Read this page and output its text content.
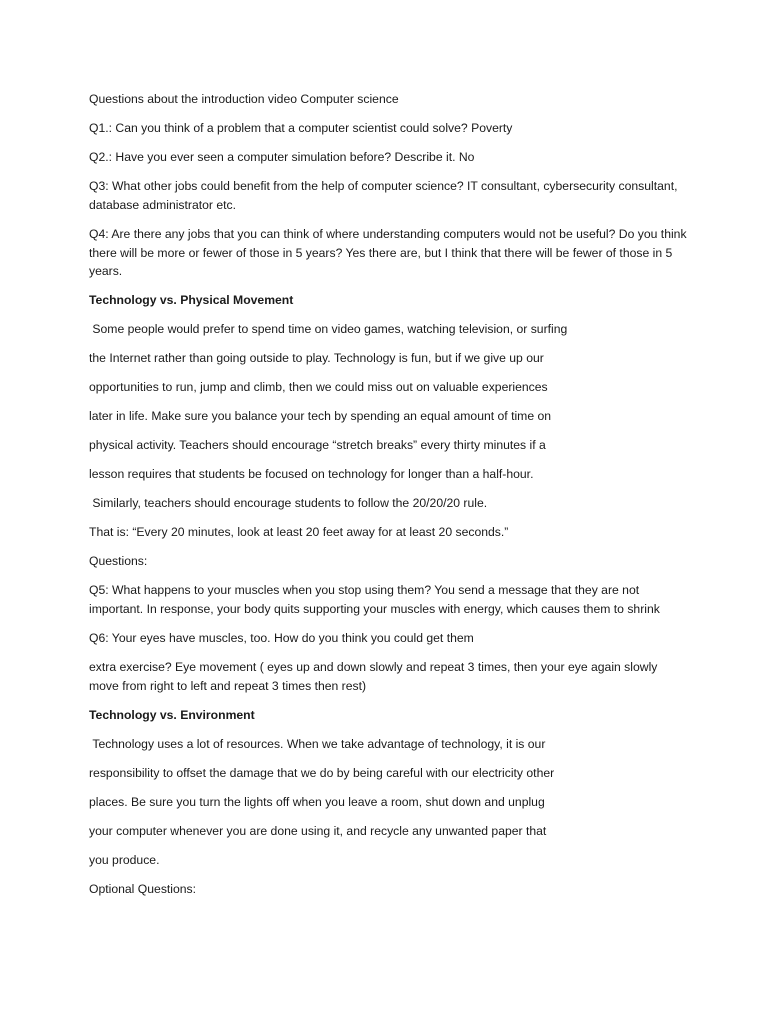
Questions about the introduction video Computer science

Q1.: Can you think of a problem that a computer scientist could solve? Poverty

Q2.: Have you ever seen a computer simulation before? Describe it. No

Q3: What other jobs could benefit from the help of computer science? IT consultant, cybersecurity consultant, database administrator etc.

Q4: Are there any jobs that you can think of where understanding computers would not be useful? Do you think there will be more or fewer of those in 5 years? Yes there are, but I think that there will be fewer of those in 5 years.

Technology vs. Physical Movement

Some people would prefer to spend time on video games, watching television, or surfing

the Internet rather than going outside to play. Technology is fun, but if we give up our

opportunities to run, jump and climb, then we could miss out on valuable experiences

later in life. Make sure you balance your tech by spending an equal amount of time on

physical activity. Teachers should encourage “stretch breaks” every thirty minutes if a

lesson requires that students be focused on technology for longer than a half-hour.

Similarly, teachers should encourage students to follow the 20/20/20 rule.

That is: “Every 20 minutes, look at least 20 feet away for at least 20 seconds.”

Questions:

Q5: What happens to your muscles when you stop using them? You send a message that they are not important. In response, your body quits supporting your muscles with energy, which causes them to shrink

Q6: Your eyes have muscles, too. How do you think you could get them

extra exercise? Eye movement ( eyes up and down slowly and repeat 3 times, then your eye again slowly move from right to left and repeat 3 times then rest)

Technology vs. Environment

Technology uses a lot of resources. When we take advantage of technology, it is our

responsibility to offset the damage that we do by being careful with our electricity other

places. Be sure you turn the lights off when you leave a room, shut down and unplug

your computer whenever you are done using it, and recycle any unwanted paper that

you produce.

Optional Questions:
